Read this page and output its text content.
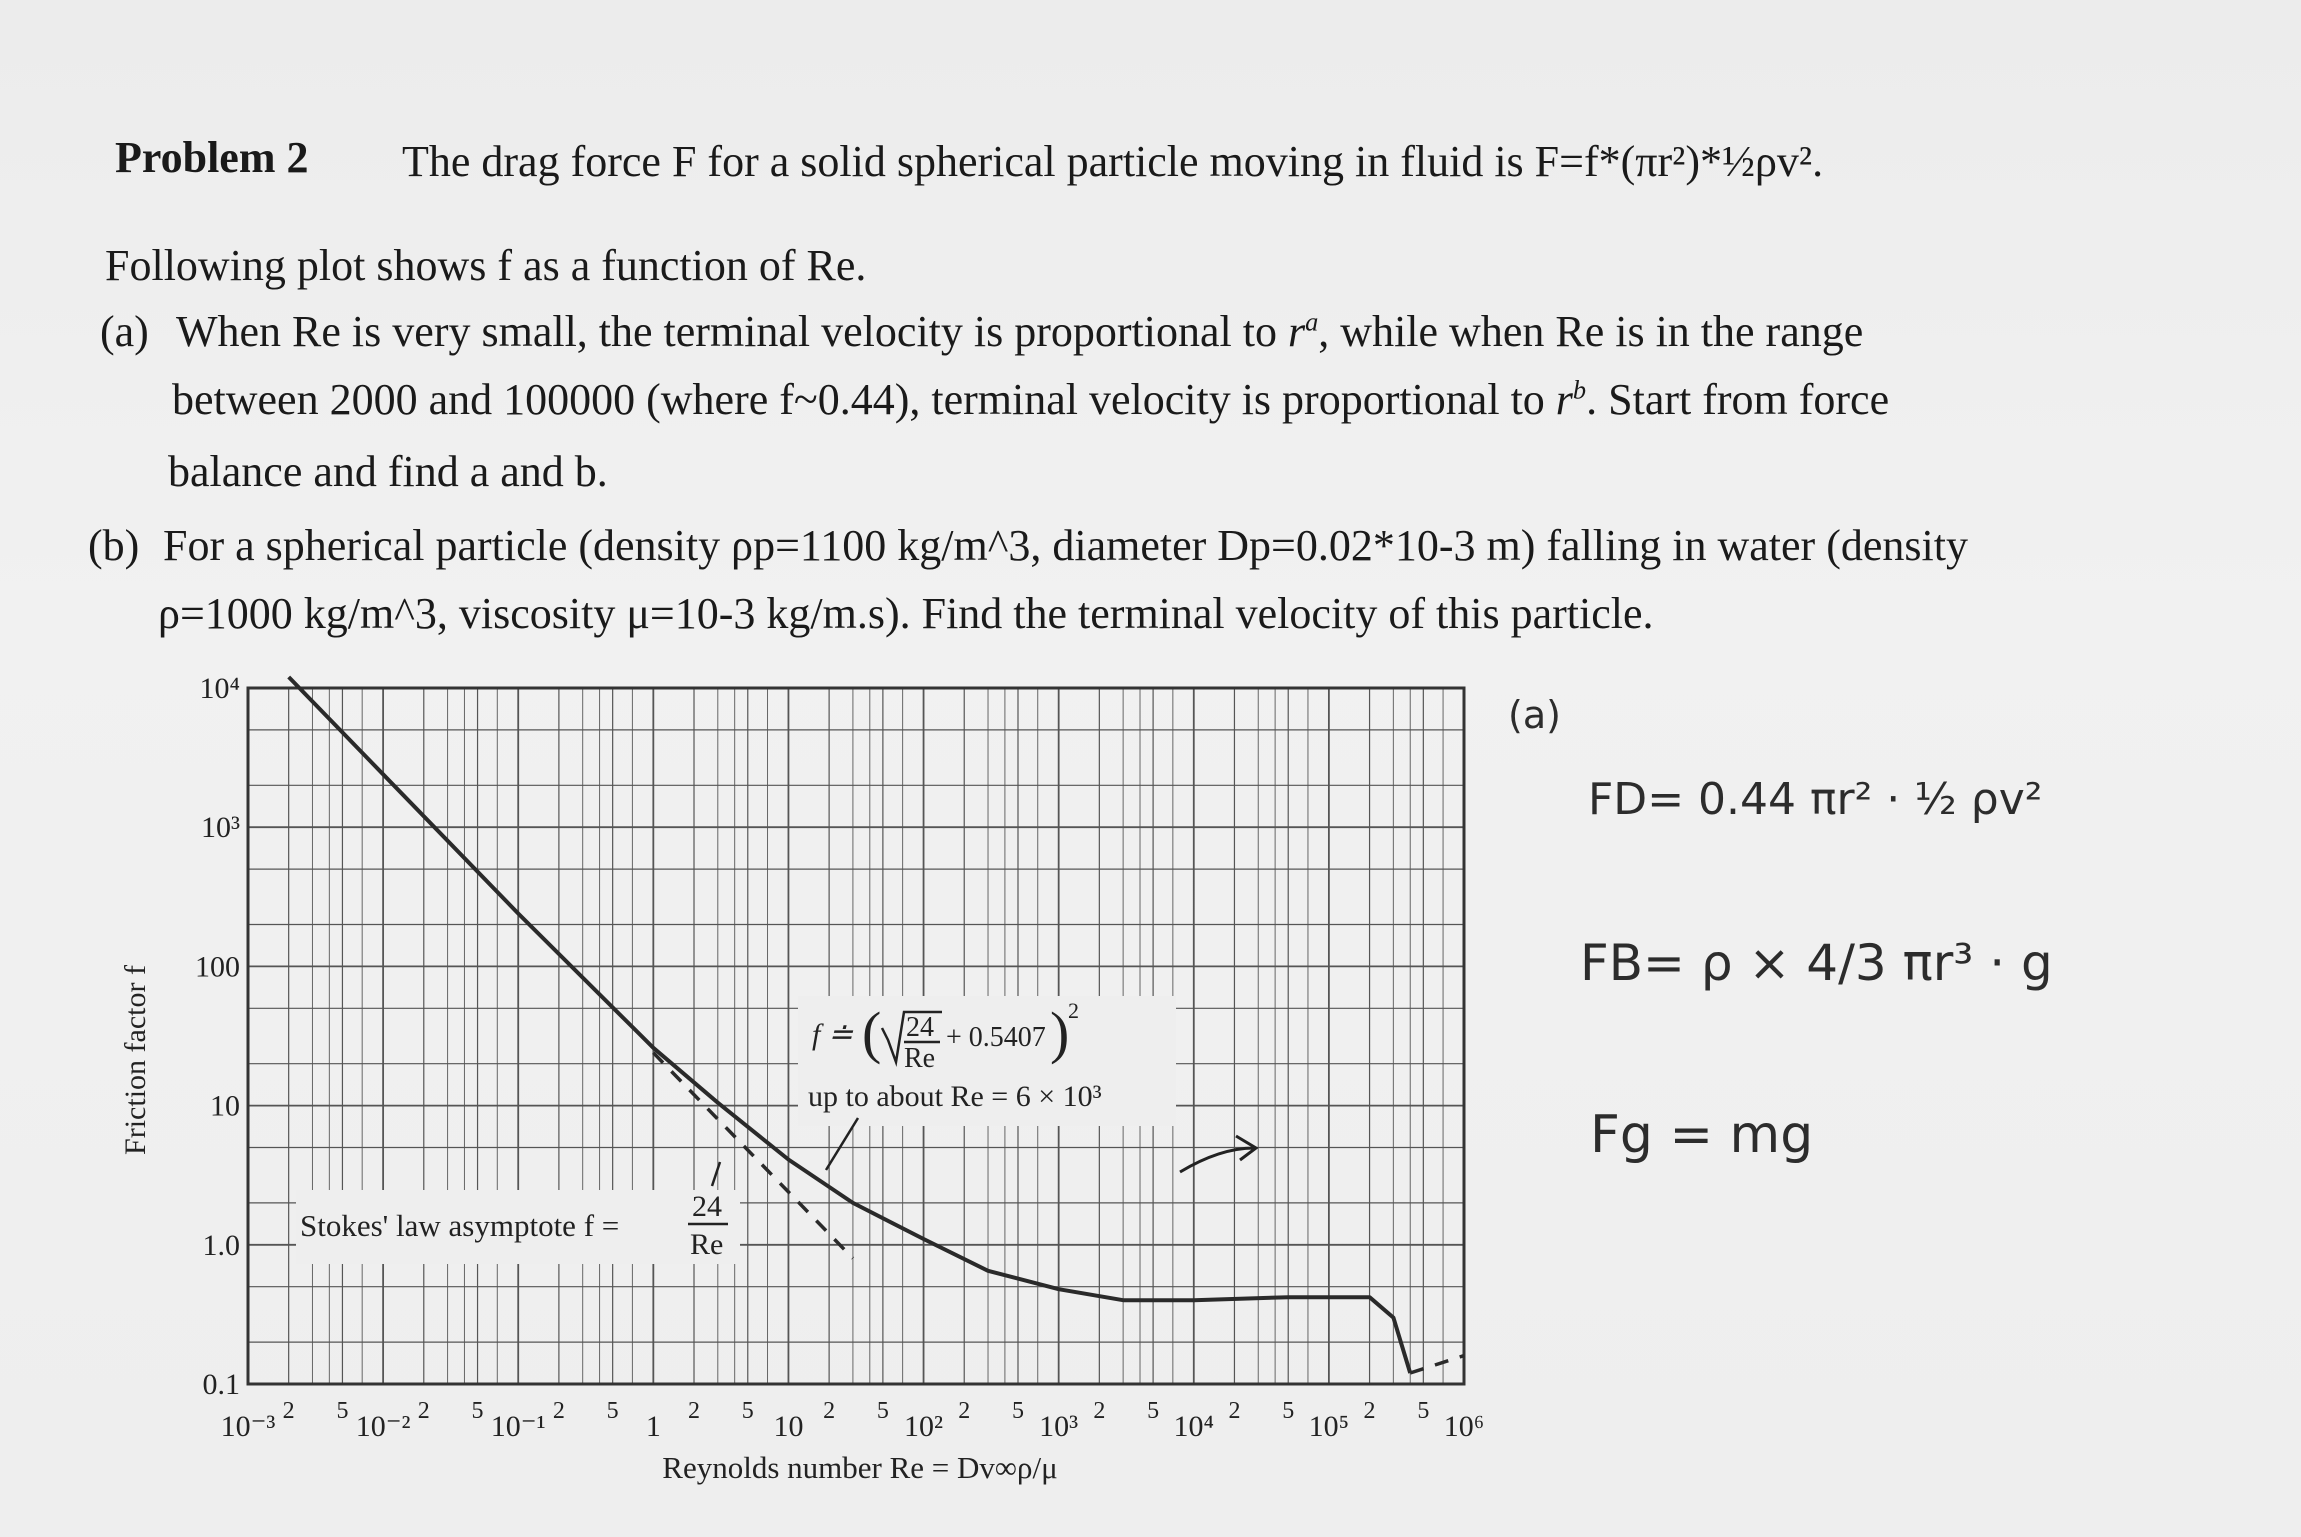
Problem 2 The drag force F for a solid spherical particle moving in fluid is F=f*(πr²)*½ρv².
Following plot shows f as a function of Re.
(a) When Re is very small, the terminal velocity is proportional to $r^a$, while when Re is in the range
between 2000 and 100000 (where f~0.44), terminal velocity is proportional to $r^b$. Start from force
balance and find a and b.
(b) For a spherical particle (density ρp=1100 kg/m^3, diameter Dp=0.02*10-3 m) falling in water (density
ρ=1000 kg/m^3, viscosity μ=10-3 kg/m.s). Find the terminal velocity of this particle.
10⁴
10³
100
10
1.0
0.1
10⁻³ 2 5 10⁻² 2 5 10⁻¹ 2 5 1 2 5 10 2 5 10² 2 5 10³ 2 5 10⁴ 2 5 10⁵ 2 5 10⁶
Friction factor f
Reynolds number Re = Dv∞ρ/μ
f ≐ ( 24
Re
+ 0.5407 )
2
up to about Re = 6 × 10³
Stokes' law asymptote f =
24
Re
(a)
FD= 0.44 πr² · ½ ρv²
FB= ρ × 4/3 πr³ · g
Fg = mg
